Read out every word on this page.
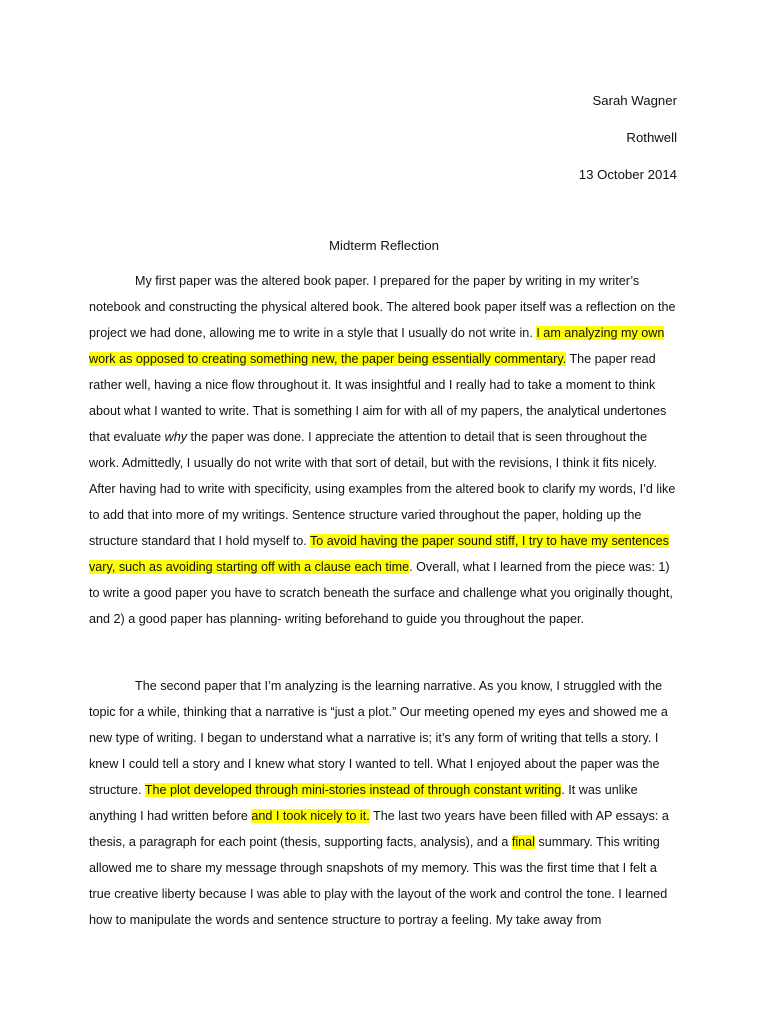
Sarah Wagner
Rothwell
13 October 2014
Midterm Reflection

My first paper was the altered book paper. I prepared for the paper by writing in my writer’s notebook and constructing the physical altered book. The altered book paper itself was a reflection on the project we had done, allowing me to write in a style that I usually do not write in. I am analyzing my own work as opposed to creating something new, the paper being essentially commentary. The paper read rather well, having a nice flow throughout it. It was insightful and I really had to take a moment to think about what I wanted to write. That is something I aim for with all of my papers, the analytical undertones that evaluate why the paper was done. I appreciate the attention to detail that is seen throughout the work. Admittedly, I usually do not write with that sort of detail, but with the revisions, I think it fits nicely. After having had to write with specificity, using examples from the altered book to clarify my words, I’d like to add that into more of my writings. Sentence structure varied throughout the paper, holding up the structure standard that I hold myself to. To avoid having the paper sound stiff, I try to have my sentences vary, such as avoiding starting off with a clause each time. Overall, what I learned from the piece was: 1) to write a good paper you have to scratch beneath the surface and challenge what you originally thought, and 2) a good paper has planning- writing beforehand to guide you throughout the paper.

The second paper that I’m analyzing is the learning narrative. As you know, I struggled with the topic for a while, thinking that a narrative is “just a plot.” Our meeting opened my eyes and showed me a new type of writing. I began to understand what a narrative is; it’s any form of writing that tells a story. I knew I could tell a story and I knew what story I wanted to tell. What I enjoyed about the paper was the structure. The plot developed through mini-stories instead of through constant writing. It was unlike anything I had written before and I took nicely to it. The last two years have been filled with AP essays: a thesis, a paragraph for each point (thesis, supporting facts, analysis), and a final summary. This writing allowed me to share my message through snapshots of my memory. This was the first time that I felt a true creative liberty because I was able to play with the layout of the work and control the tone. I learned how to manipulate the words and sentence structure to portray a feeling. My take away from
